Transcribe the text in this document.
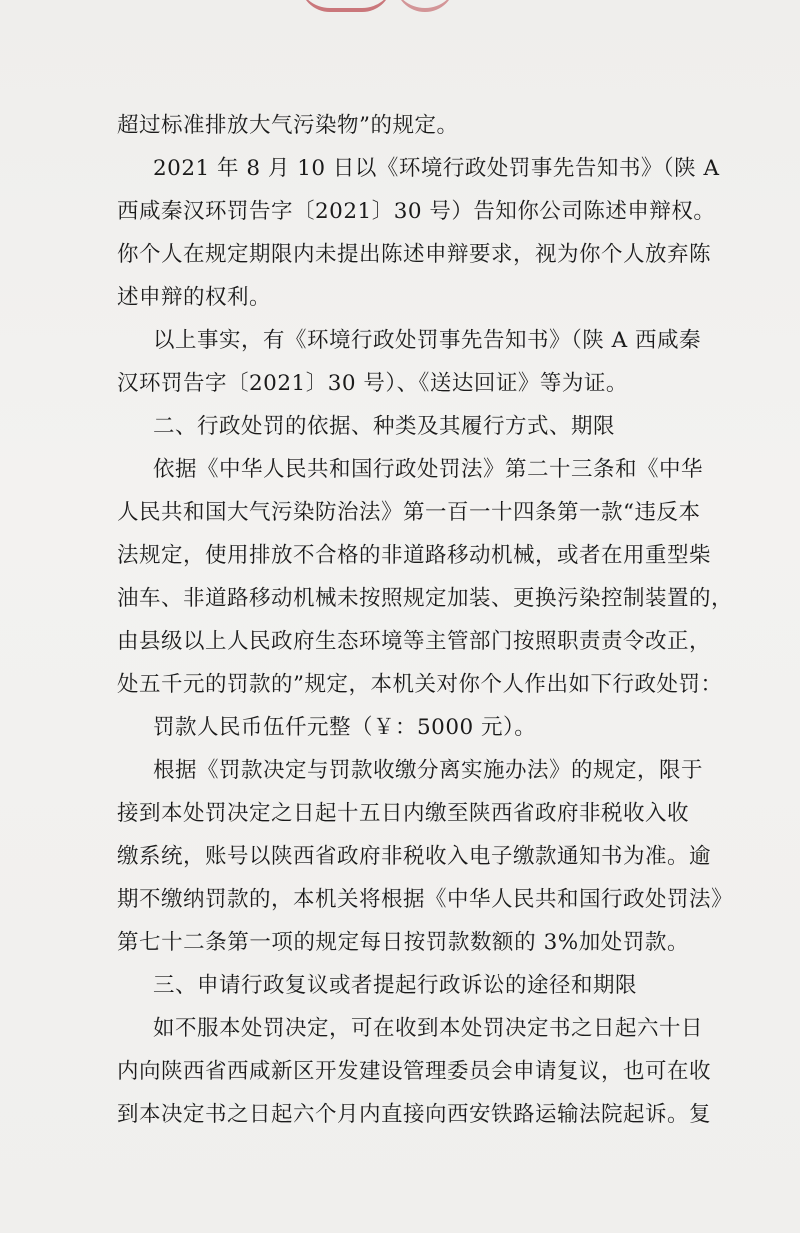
超过标准排放大气污染物”的规定。
2021 年 8 月 10 日以《环境行政处罚事先告知书》（陕 A
西咸秦汉环罚告字〔2021〕30 号）告知你公司陈述申辩权。
你个人在规定期限内未提出陈述申辩要求，视为你个人放弃陈
述申辩的权利。
以上事实，有《环境行政处罚事先告知书》（陕 A 西咸秦
汉环罚告字〔2021〕30 号）、《送达回证》等为证。
二、行政处罚的依据、种类及其履行方式、期限
依据《中华人民共和国行政处罚法》第二十三条和《中华
人民共和国大气污染防治法》第一百一十四条第一款“违反本
法规定，使用排放不合格的非道路移动机械，或者在用重型柴
油车、非道路移动机械未按照规定加装、更换污染控制装置的，
由县级以上人民政府生态环境等主管部门按照职责责令改正，
处五千元的罚款的”规定，本机关对你个人作出如下行政处罚：
罚款人民币伍仟元整（￥：5000 元）。
根据《罚款决定与罚款收缴分离实施办法》的规定，限于
接到本处罚决定之日起十五日内缴至陕西省政府非税收入收
缴系统，账号以陕西省政府非税收入电子缴款通知书为准。逾
期不缴纳罚款的，本机关将根据《中华人民共和国行政处罚法》
第七十二条第一项的规定每日按罚款数额的 3%加处罚款。
三、申请行政复议或者提起行政诉讼的途径和期限
如不服本处罚决定，可在收到本处罚决定书之日起六十日
内向陕西省西咸新区开发建设管理委员会申请复议，也可在收
到本决定书之日起六个月内直接向西安铁路运输法院起诉。复
